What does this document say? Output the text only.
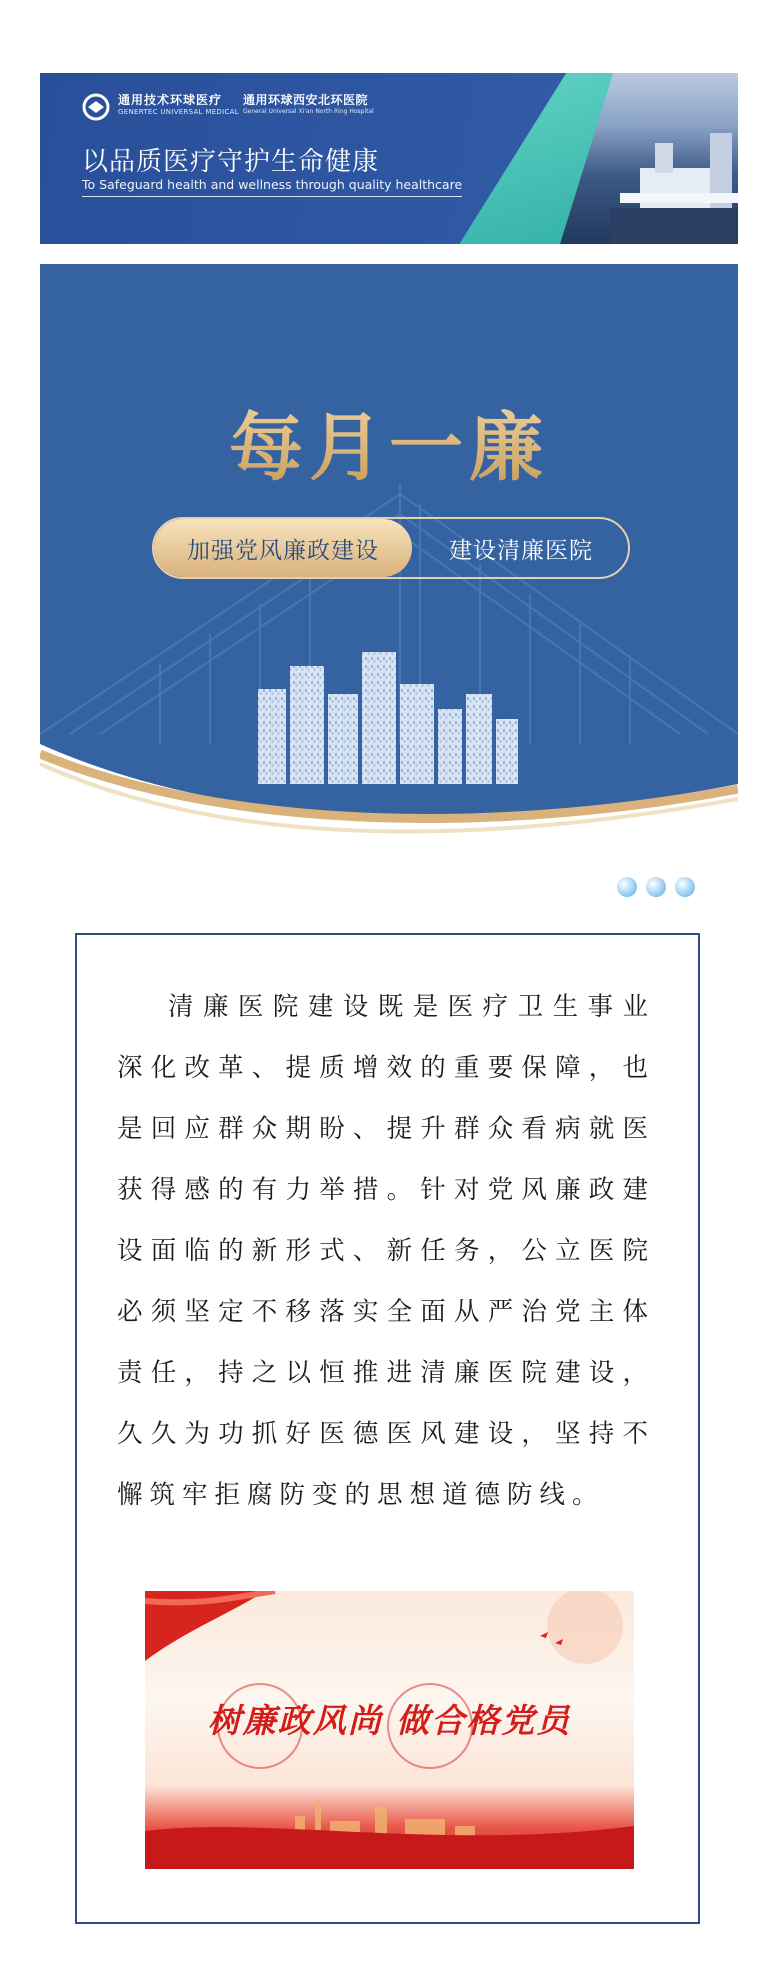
通用技术环球医疗
GENERTEC UNIVERSAL MEDICAL
通用环球西安北环医院
General Universal Xi'an North Ring Hospital
以品质医疗守护生命健康
To Safeguard health and wellness through quality healthcare
每月一廉
加强党风廉政建设	建设清廉医院

清廉医院建设既是医疗卫生事业深化改革、提质增效的重要保障，也是回应群众期盼、提升群众看病就医获得感的有力举措。针对党风廉政建设面临的新形式、新任务，公立医院必须坚定不移落实全面从严治党主体责任，持之以恒推进清廉医院建设，久久为功抓好医德医风建设，坚持不懈筑牢拒腐防变的思想道德防线。

树廉政风尚 做合格党员
